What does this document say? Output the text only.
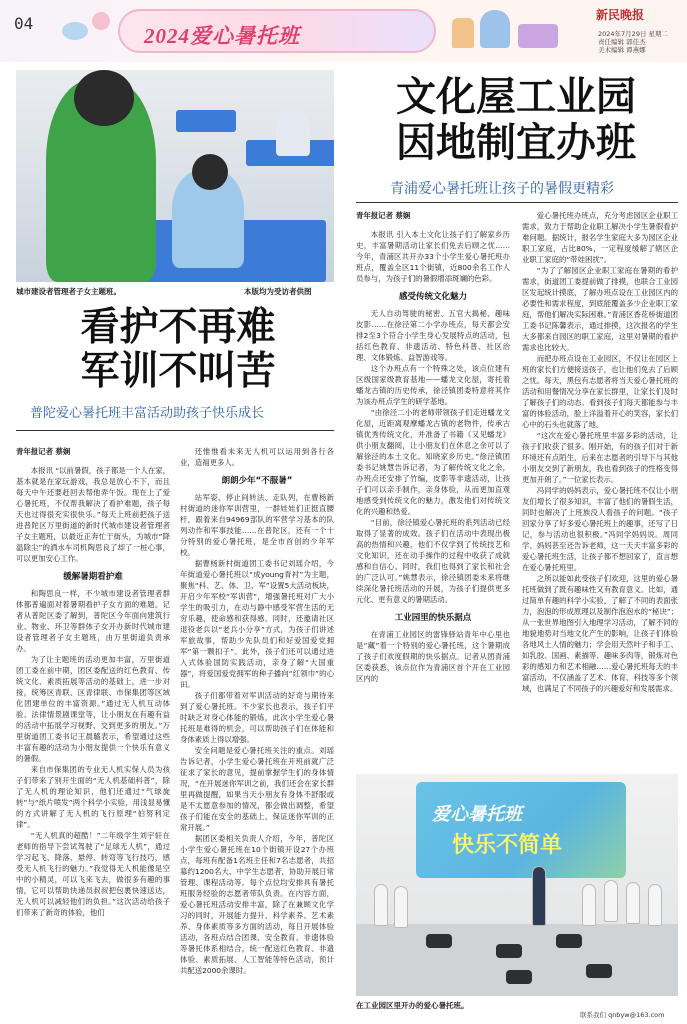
04
2024爱心暑托班
新民晚报
2024年7月29日 星期二
责任编辑 郭佳杰
美术编辑 谭燕娜
城市建设者管理者子女主题班。	本版均为受访者供图
看护不再难
军训不叫苦
普陀爱心暑托班丰富活动助孩子快乐成长
文化屋工业园
因地制宜办班
青浦爱心暑托班让孩子的暑假更精彩

青年报记者 蔡娴

本报讯 “以前暑假，孩子都是一个人在家，基本就是在家玩游戏，我总是放心不下，而且每天中午还要赶回去帮他弄午饭。现在上了爱心暑托班，不仅帮我解决了看护难题，孩子每天也过得很充实很快乐。”每天上班前把孩子送进普陀区万里街道的新时代城市建设者管理者子女主题班，以最近正奔忙于街头，为城市“降温除尘”的洒水车司机陶思良了却了一桩心事，可以更加安心工作。

缓解暑期看护难

和陶思良一样，不少城市建设者管理者群体都普遍面对着暑期看护子女方面的难题。记者从普陀区委了解到，普陀区今年面向建筑行业、物业、环卫等群体子女开办新时代城市建设者管理者子女主题班，由万里街道负责承办。

为了让主题班的活动更加丰富，万里街道团工委在前中期，团区委配送的红色教育、传统文化、素质拓展等活动的基础上，进一步对接，统筹区青联、区青律联、市保集团等区域化团建单位的丰富资源。”通过无人机互动体验、法律情景剧课堂等，让小朋友在有趣有益的活动中拓展学习视野、交到更多的朋友。”万里街道团工委书记王晨璐表示，希望通过这些丰富有趣的活动为小朋友提供一个快乐有意义的暑假。

来自市保集团的专业无人机实保人员为孩子们带来了别开生面的“无人机基础科普”，除了无人机的理论知识，他们还通过“气球旋转”与“纸片喷发”两个科学小实验，用浅显易懂的方式讲解了无人机的飞行原理“伯努利定律”。

“无人机真的超酷！”二年级学生刘宇轩在老师的指导下尝试驾驶了“足球无人机”，通过学习起飞、降落、悬停、转弯等飞行技巧，感受无人机飞行的魅力。”我觉得无人机能像是空中的小精灵，可以飞来飞去，做很多有趣的事情，它可以帮助快递员叔叔把包裹快速送达，无人机可以减轻他们的负担。”这次活动给孩子们带来了新奇的体验，他们

还惟惟看未来无人机可以运用到各行各业，造福更多人。

朗朗少年“不服暑”

站军姿、停止间转法、走队列，在曹杨新村街道的迷你军训营里，一群娃娃们正挺直腰杆，跟着来自94969部队的军营学习基本的队列动作和军事技能……在普陀区，还有一个十分特别的爱心暑托班，是全市首创的少年军校。

据曹杨新村街道团工委书记刘瑶介绍，今年街道爱心暑托班以“成young青衬”为主题，聚焦“科、艺、体、卫、军”设置5大活动板块，开启少年军校“军训营”，增强暑托班对广大小学生的吸引力，在动与静中感受军营生活的无穷乐趣，使命感和获得感。同时，还邀请社区退役老兵以“老兵小分享”方式，为孩子们讲述军旅故事，帮助少先队员们和好爱国爱党拥军“第一颗扣子”。此外，孩子们还可以通过进入式体验国防实践活动，亲身了解“大国重器”，将爱国爱党拥军的种子播向“红领巾”的心田。

孩子们都带着对军训活动的好奇与期待来到了爱心暑托班。不少家长也表示，孩子们平时缺乏对身心体能的锻炼，此次小学生爱心暑托班是难得的机会，可以帮助孩子们在体能和身体素质上得以增强。

安全问题是爱心暑托班关注的重点。刘瑶告诉记者，小学生爱心暑托班在开班前就广泛征求了家长的意见，提前掌握学生们的身体情况，“在开展迷你军训之前，我们还会在家长群里再做提醒，如果当天小朋友有身体不舒服或是不太愿意参加的情况，都会做出调整，希望孩子们能在安全的基础上，保证迷你军训的正常开展。”

据团区委相关负责人介绍，今年，普陀区小学生爱心暑托班在10个街镇开设27个办班点，每班有配备1名班主任和7名志愿者，共招募约1200名大、中学生志愿者，协助开展日常管理、课程活动等。每个点位均安排具有暑托班服务经验的志愿者带队负责。在内容方面，爱心暑托班活动安排丰富，除了在兼顾文化学习的同时，开展能力提升、科学素养、艺术素养、身体素质等多方面的活动，每日开展体验活动，各班点结合团课、安全教育、非遗体验等暑托体系相结合，统一配送红色教育、非遗体验、素质拓展、人工智能等特色活动，预计共配送2000余课时。

青年报记者 蔡娴

本报讯 引入本土文化让孩子们了解家乡历史，丰富暑期活动让家长们免去后顾之忧……今年，青浦区共开办33个小学生爱心暑托班办班点，覆盖全区11个街镇，近800余名工作人员参与，为孩子们的暑假增添斑斓的色彩。

感受传统文化魅力

无人自动驾驶的秘密、五官大揭秘、趣味皮影……在徐泾第二小学办班点，每天都会安排2至3个符合小学生身心发展特点的活动，包括红色教育、非遗活动、特色科普、社区治理、文体锻炼、益智游戏等。

这个办班点有一个特殊之处，该点位建有区级国家级教育基地——蟠龙文化屋，寄托着蟠龙古镇的历史传承，徐泾镇团委特意将其作为该办班点学生的研学基地。

“由徐泾二小的老师带领孩子们走进蟠龙文化屋，近距离观摩蟠龙古镇的老物件，传承古镇优秀传统文化，并准备了书籍《又见蟠龙》供小朋友翻阅，让小朋友们在休息之余可以了解徐泾的本土文化。知晓家乡历史。”徐泾镇团委书记姚慧告诉记者，为了解传统文化之余，办班点还安排了竹编，皮影等非遗活动，让孩子们可以亲手制作，亲身体验，从而更加直观地感受到传统文化的魅力，激发他们对传统文化的兴趣和热爱。

“目前，徐泾镇爱心暑托班的系列活动已经取得了显著的成效。孩子们在活动中表现出极高的热情和兴趣，他们不仅学到了传统技艺和文化知识，还在动手操作的过程中收获了成就感和自信心。同时，我们也得到了家长和社会的广泛认可。”姚慧表示，徐泾镇团委未来将继续深化暑托班活动的开展，为孩子们提供更多元化、更有意义的暑期活动。

工业园里的快乐据点

在青浦工业园区的雷锋驿站青年中心里也是“藏”着一个特别的爱心暑托班，这个暑期成了孩子们欢度假期的快乐据点。记者从团青浦区委获悉，该点位作为青浦区首个开在工业园区内的

爱心暑托班办班点，充分考虑园区企业职工需求，致力于帮助企业职工解决小学生暑假看护难问题。据统计，报名学生家庭大多为园区企业职工家庭，占比80%，一定程度缓解了辖区企业职工家庭的“带娃困扰”。

“为了了解园区企业职工家庭在暑期的看护需求，街道团工委提前做了排摸，也联合工业园区发起统计摸底，了解办班点设在工业园区内的必要性和需求程度，到底能覆盖多少企业职工家庭，帮他们解决实际困难。”青浦区香花桥街道团工委书记陈馨表示，通过排摸，这次报名的学生大多都来自园区的职工家庭，这里对暑期的看护需求也比较大。

而把办班点设在工业园区，不仅让在园区上班的家长们方便接送孩子，也让他们免去了后顾之忧。每天，黑包有志愿者将当天爱心暑托班的活动和用餐情况分享在家长群里，让家长们及时了解孩子们的动态。看到孩子们每天都能参与丰富的体验活动，脸上洋溢着开心的笑容，家长们心中的石头也就落了地。

“这次在爱心暑托班里丰富多彩的活动，让孩子们收获了很多。刚开始，有的孩子们对于新环境还有点陌生，后来在志愿者的引导下与其他小朋友交到了新朋友，我也看到孩子的性格变得更加开朗了。”一位家长表示。

冯同学的妈妈表示，爱心暑托班不仅让小朋友们增长了很多知识，丰富了他们的暑假生活，同时也解决了上班族没人看孩子的问题。“孩子回家分享了好多爱心暑托班上的趣事，还写了日记，参与活动也很积极。”冯同学妈妈说。周同学、妈妈甚至还告诉老师，这一天天丰富多彩的爱心暑托班生活，让孩子都不想回家了，直言想在爱心暑托班里。

之所以能如此受孩子们欢迎，这里的爱心暑托班做到了既有趣味性又有教育意义。比如，通过简单有趣的科学小实验，了解了不同的表面张力，泡泡的形成原理以及制作泡泡水的“秘诀”；从一张世界地图引入地理学习活动，了解不同的地貌地势对当地文化产生的影响，让孩子们体验各地风土人情的魅力；学会用天然叶子和手工、如乳胶、国画、素描等、趣味多肉等，锻炼对色彩的感知力和艺术相融……爱心暑托班每天的丰富活动，不仅涵盖了艺术、体育、科技等多个领域，也满足了不同孩子的兴趣爱好和发展需求。

爱心暑托班
快乐不简单
在工业园区里开办的爱心暑托班。
联系我们 qnbyw@163.com
